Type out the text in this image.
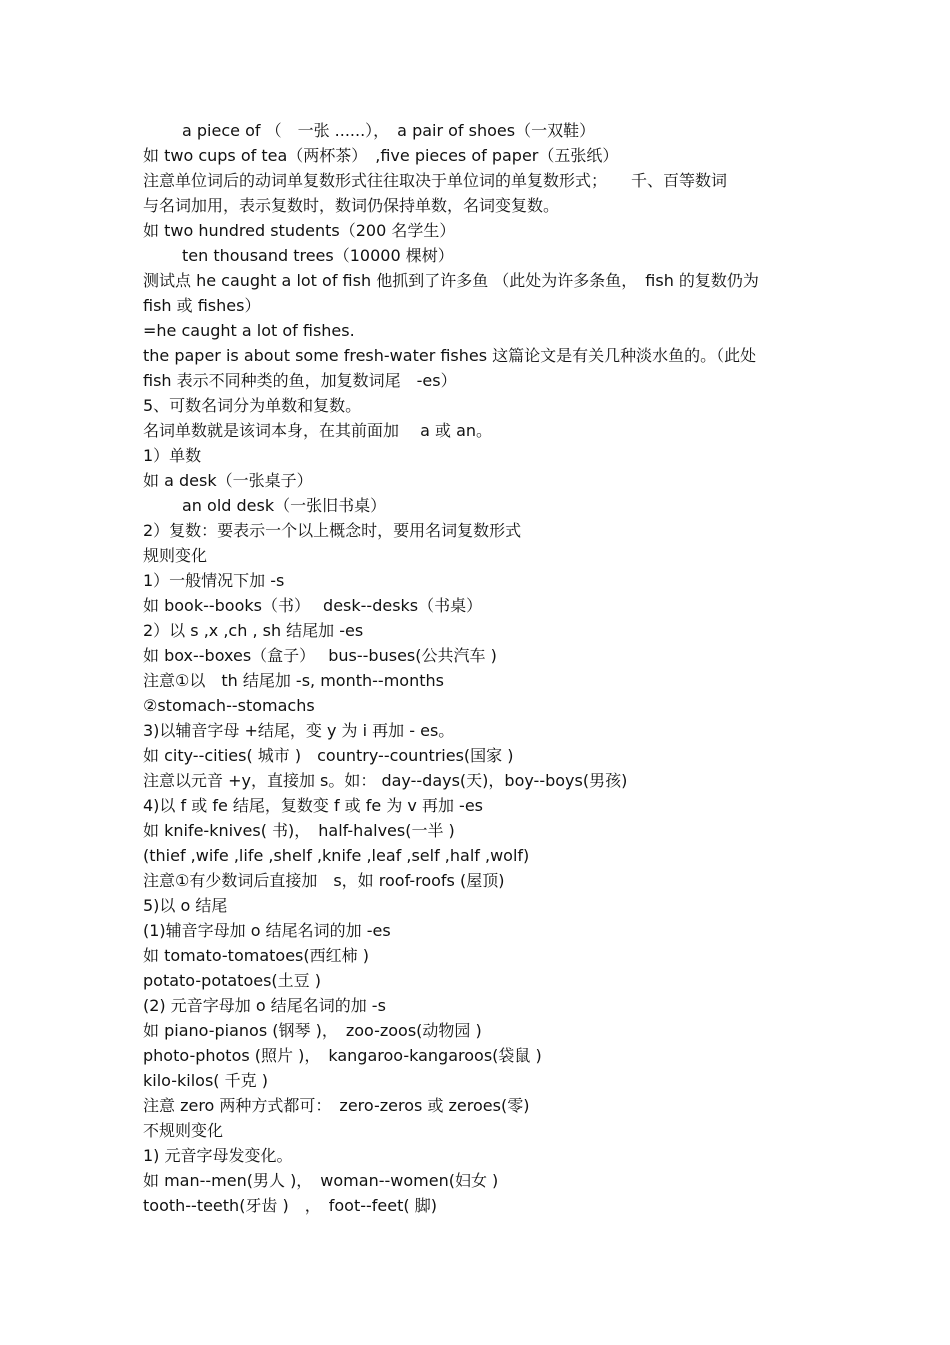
a piece of （　一张 ......），　a pair of shoes（一双鞋）
如 two cups of tea（两杯茶）　,five pieces of paper（五张纸）
注意单位词后的动词单复数形式往往取决于单位词的单复数形式；　　千、百等数词
与名词加用，表示复数时，数词仍保持单数，名词变复数。
如 two hundred students（200 名学生）
ten thousand trees（10000 棵树）
测试点 he caught a lot of fish 他抓到了许多鱼 （此处为许多条鱼，　fish 的复数仍为
fish 或 fishes）
=he caught a lot of fishes.
the paper is about some fresh-water fishes 这篇论文是有关几种淡水鱼的。（此处
fish 表示不同种类的鱼，加复数词尾　-es）
5、可数名词分为单数和复数。
名词单数就是该词本身，在其前面加　 a 或 an。
1）单数
如 a desk（一张桌子）
an old desk（一张旧书桌）
2）复数：要表示一个以上概念时，要用名词复数形式
规则变化
1）一般情况下加 -s
如 book--books（书）　 desk--desks（书桌）
2）以 s ,x ,ch , sh 结尾加 -es
如 box--boxes（盒子）　 bus--buses(公共汽车 )
注意①以　th 结尾加 -s, month--months
②stomach--stomachs
3)以辅音字母 +结尾，变 y 为 i 再加 - es。
如 city--cities( 城市 )　country--countries(国家 )
注意以元音 +y，直接加 s。如： day--days(天)，boy--boys(男孩)
4)以 f 或 fe 结尾，复数变 f 或 fe 为 v 再加 -es
如 knife-knives( 书)，　half-halves(一半 )
(thief ,wife ,life ,shelf ,knife ,leaf ,self ,half ,wolf)
注意①有少数词后直接加　s，如 roof-roofs (屋顶)
5)以 o 结尾
(1)辅音字母加 o 结尾名词的加 -es
如 tomato-tomatoes(西红柿 )
potato-potatoes(土豆 )
(2) 元音字母加 o 结尾名词的加 -s
如 piano-pianos (钢琴 )，　zoo-zoos(动物园 )
photo-photos (照片 )，　kangaroo-kangaroos(袋鼠 )
kilo-kilos( 千克 )
注意 zero 两种方式都可：　zero-zeros 或 zeroes(零)
不规则变化
1) 元音字母发变化。
如 man--men(男人 )，　woman--women(妇女 )
tooth--teeth(牙齿 )　，　foot--feet( 脚)
